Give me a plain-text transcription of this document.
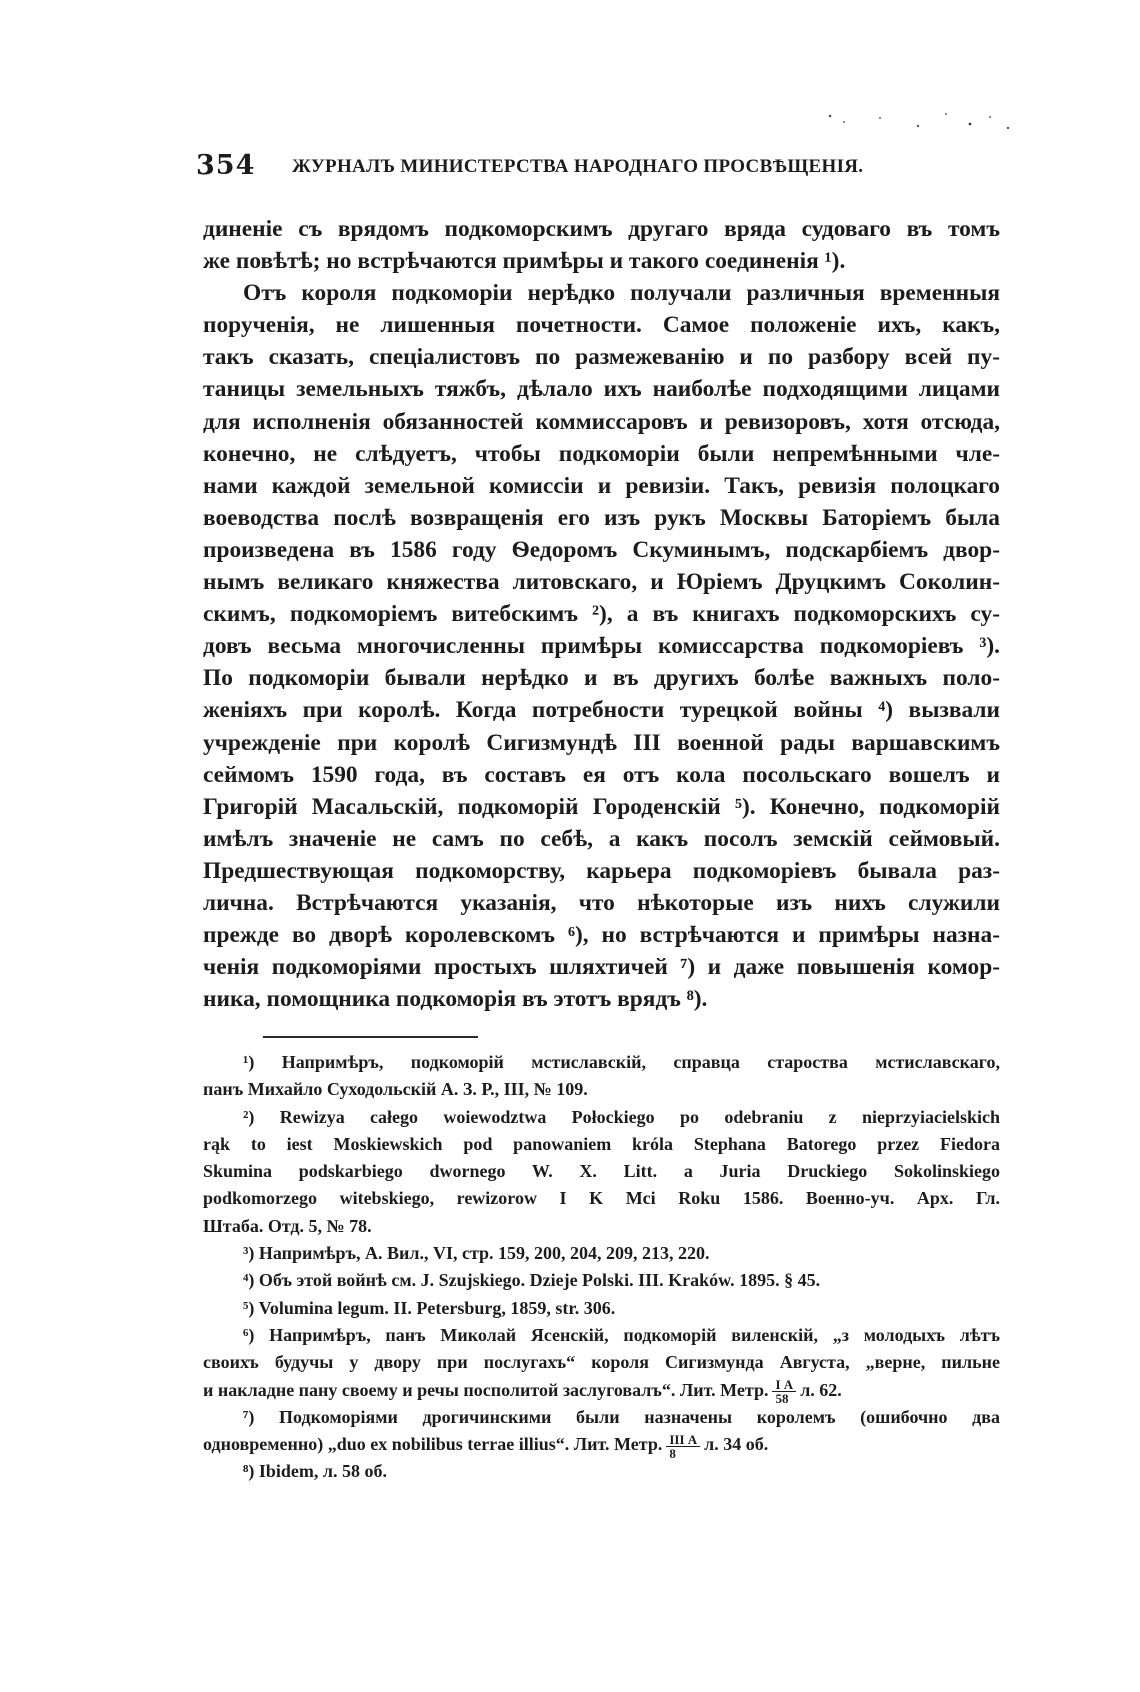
354 ЖУРНАЛЪ МИНИСТЕРСТВА НАРОДНАГО ПРОСВѢЩЕНІЯ.
диненіе съ врядомъ подкоморскимъ другаго вряда судоваго въ томъ
же повѣтѣ; но встрѣчаются примѣры и такого соединенія ¹).
Отъ короля подкоморіи нерѣдко получали различныя временныя
порученія, не лишенныя почетности. Самое положеніе ихъ, какъ,
такъ сказать, спеціалистовъ по размежеванію и по разбору всей пу-
таницы земельныхъ тяжбъ, дѣлало ихъ наиболѣе подходящими лицами
для исполненія обязанностей коммиссаровъ и ревизоровъ, хотя отсюда,
конечно, не слѣдуетъ, чтобы подкоморіи были непремѣнными чле-
нами каждой земельной комиссіи и ревизіи. Такъ, ревизія полоцкаго
воеводства послѣ возвращенія его изъ рукъ Москвы Баторіемъ была
произведена въ 1586 году Ѳедоромъ Скуминымъ, подскарбіемъ двор-
нымъ великаго княжества литовскаго, и Юріемъ Друцкимъ Соколин-
скимъ, подкоморіемъ витебскимъ ²), а въ книгахъ подкоморскихъ су-
довъ весьма многочисленны примѣры комиссарства подкоморіевъ ³).
По подкоморіи бывали нерѣдко и въ другихъ болѣе важныхъ поло-
женіяхъ при королѣ. Когда потребности турецкой войны ⁴) вызвали
учрежденіе при королѣ Сигизмундѣ III военной рады варшавскимъ
сеймомъ 1590 года, въ составъ ея отъ кола посольскаго вошелъ и
Григорій Масальскій, подкоморій Городенскій ⁵). Конечно, подкоморій
имѣлъ значеніе не самъ по себѣ, а какъ посолъ земскій сеймовый.
Предшествующая подкоморству, карьера подкоморіевъ бывала раз-
лична. Встрѣчаются указанія, что нѣкоторые изъ нихъ служили
прежде во дворѣ королевскомъ ⁶), но встрѣчаются и примѣры назна-
ченія подкоморіями простыхъ шляхтичей ⁷) и даже повышенія комор-
ника, помощника подкоморія въ этотъ врядъ ⁸).
¹) Напримѣръ, подкоморій мстиславскій, справца староства мстиславскаго,
панъ Михайло Суходольскій А. З. Р., III, № 109.
²) Rewizya całego woiewodztwa Połockiego po odebraniu z nieprzyiacielskich
rąk to iest Moskiewskich pod panowaniem króla Stephana Batorego przez Fiedora
Skumina podskarbiego dwornego W. X. Litt. a Juria Druckiego Sokolinskiego
podkomorzego witebskiego, rewizorow I K Mci Roku 1586. Военно-уч. Арх. Гл.
Штаба. Отд. 5, № 78.
³) Напримѣръ, А. Вил., VI, стр. 159, 200, 204, 209, 213, 220.
⁴) Объ этой войнѣ см. J. Szujskiego. Dzieje Polski. III. Kraków. 1895. § 45.
⁵) Volumina legum. II. Petersburg, 1859, str. 306.
⁶) Напримѣръ, панъ Миколай Ясенскій, подкоморій виленскій, „з молодыхъ лѣтъ
своихъ будучы у двору при послугахъ“ короля Сигизмунда Августа, „верне, пильне
и накладне пану своему и речы посполитой заслуговалъ“. Лит. Метр. $\frac{\text{I А}}{58} л$. 62.
⁷) Подкоморіями дрогичинскими были назначены королемъ (ошибочно два
одновременно) „duo ex nobilibus terrae illius“. Лит. Метр. $\frac{\text{III А}}{8} л$. 34 об.
⁸) Ibidem, л. 58 об.
